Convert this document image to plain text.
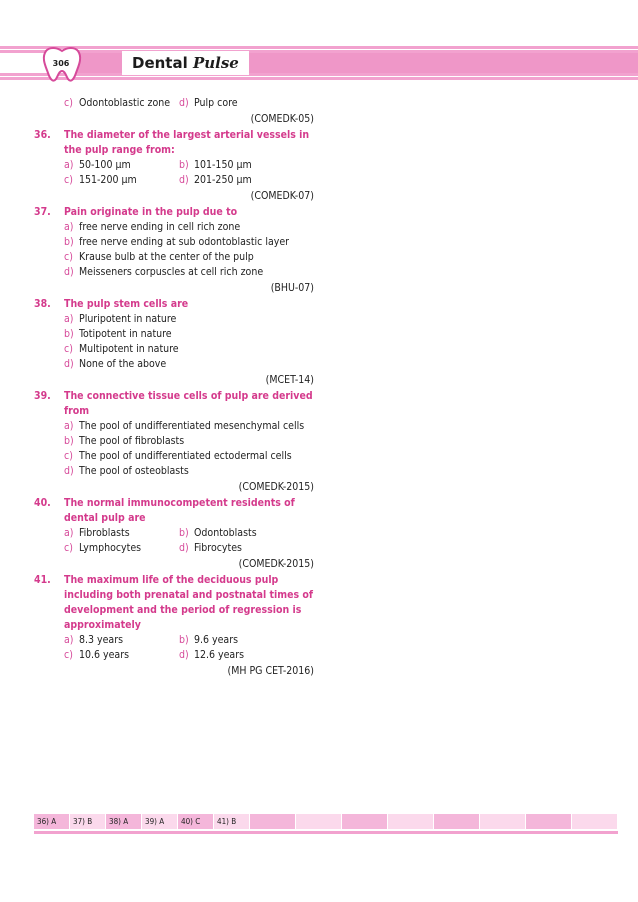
306	Dental Pulse
c) Odontoblastic zone d) Pulp core
(COMEDK-05)
36.	The diameter of the largest arterial vessels in the pulp range from:
a) 50-100 µm	b) 101-150 µm
c) 151-200 µm	d) 201-250 µm
(COMEDK-07)
37.	Pain originate in the pulp due to
a) free nerve ending in cell rich zone
b) free nerve ending at sub odontoblastic layer
c) Krause bulb at the center of the pulp
d) Meisseners corpuscles at cell rich zone
(BHU-07)
38.	The pulp stem cells are
a) Pluripotent in nature
b) Totipotent in nature
c) Multipotent in nature
d) None of the above
(MCET-14)
39.	The connective tissue cells of pulp are derived from
a) The pool of undifferentiated mesenchymal cells
b) The pool of fibroblasts
c) The pool of undifferentiated ectodermal cells
d) The pool of osteoblasts
(COMEDK-2015)
40.	The normal immunocompetent residents of dental pulp are
a) Fibroblasts	b) Odontoblasts
c) Lymphocytes	d) Fibrocytes
(COMEDK-2015)
41.	The maximum life of the deciduous pulp including both prenatal and postnatal times of development and the period of regression is approximately
a) 8.3 years	b) 9.6 years
c) 10.6 years	d) 12.6 years
(MH PG CET-2016)
36) A	37) B	38) A	39) A	40) C	41) B
